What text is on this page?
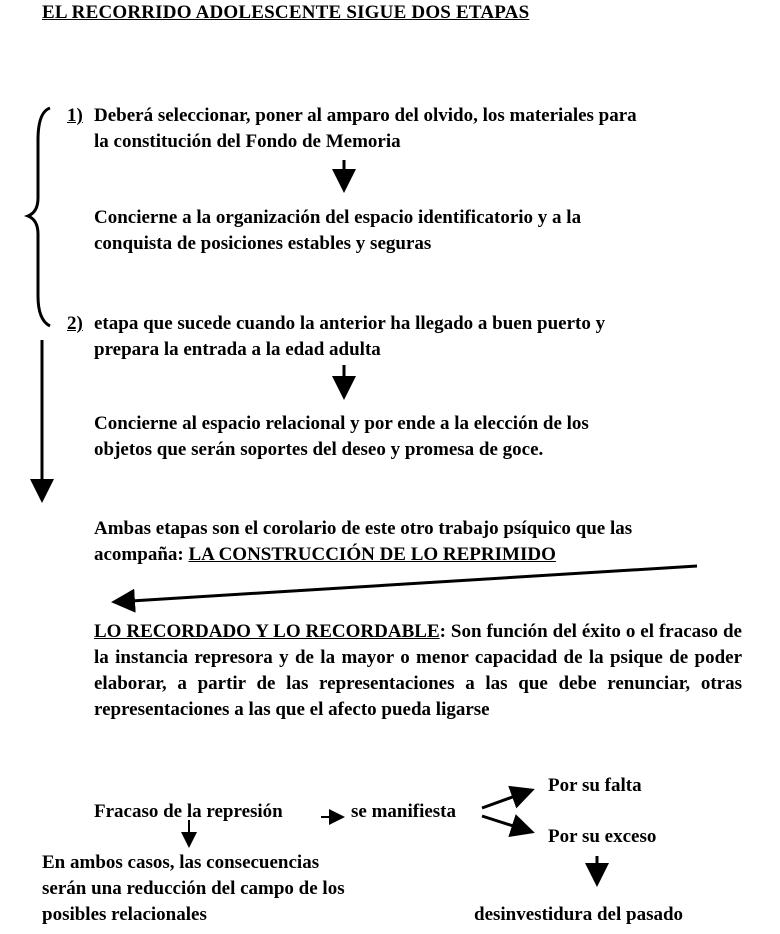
EL RECORRIDO ADOLESCENTE SIGUE DOS ETAPAS
1) Deberá seleccionar, poner al amparo del olvido, los materiales para
la constitución del Fondo de Memoria
Concierne a la organización del espacio identificatorio y a la
conquista de posiciones estables y seguras
2) etapa que sucede cuando la anterior ha llegado a buen puerto y
prepara la entrada a la edad adulta
Concierne al espacio relacional y por ende a la elección de los
objetos que serán soportes del deseo y promesa de goce.
Ambas etapas son el corolario de este otro trabajo psíquico que las
acompaña: LA CONSTRUCCIÓN DE LO REPRIMIDO
LO RECORDADO Y LO RECORDABLE: Son función del éxito o el fracaso de la instancia represora y de la mayor o menor capacidad de la psique de poder elaborar, a partir de las representaciones a las que debe renunciar, otras representaciones a las que el afecto pueda ligarse
Fracaso de la represión	se manifiesta
Por su falta
Por su exceso
En ambos casos, las consecuencias
serán una reducción del campo de los
posibles relacionales	desinvestidura del pasado
